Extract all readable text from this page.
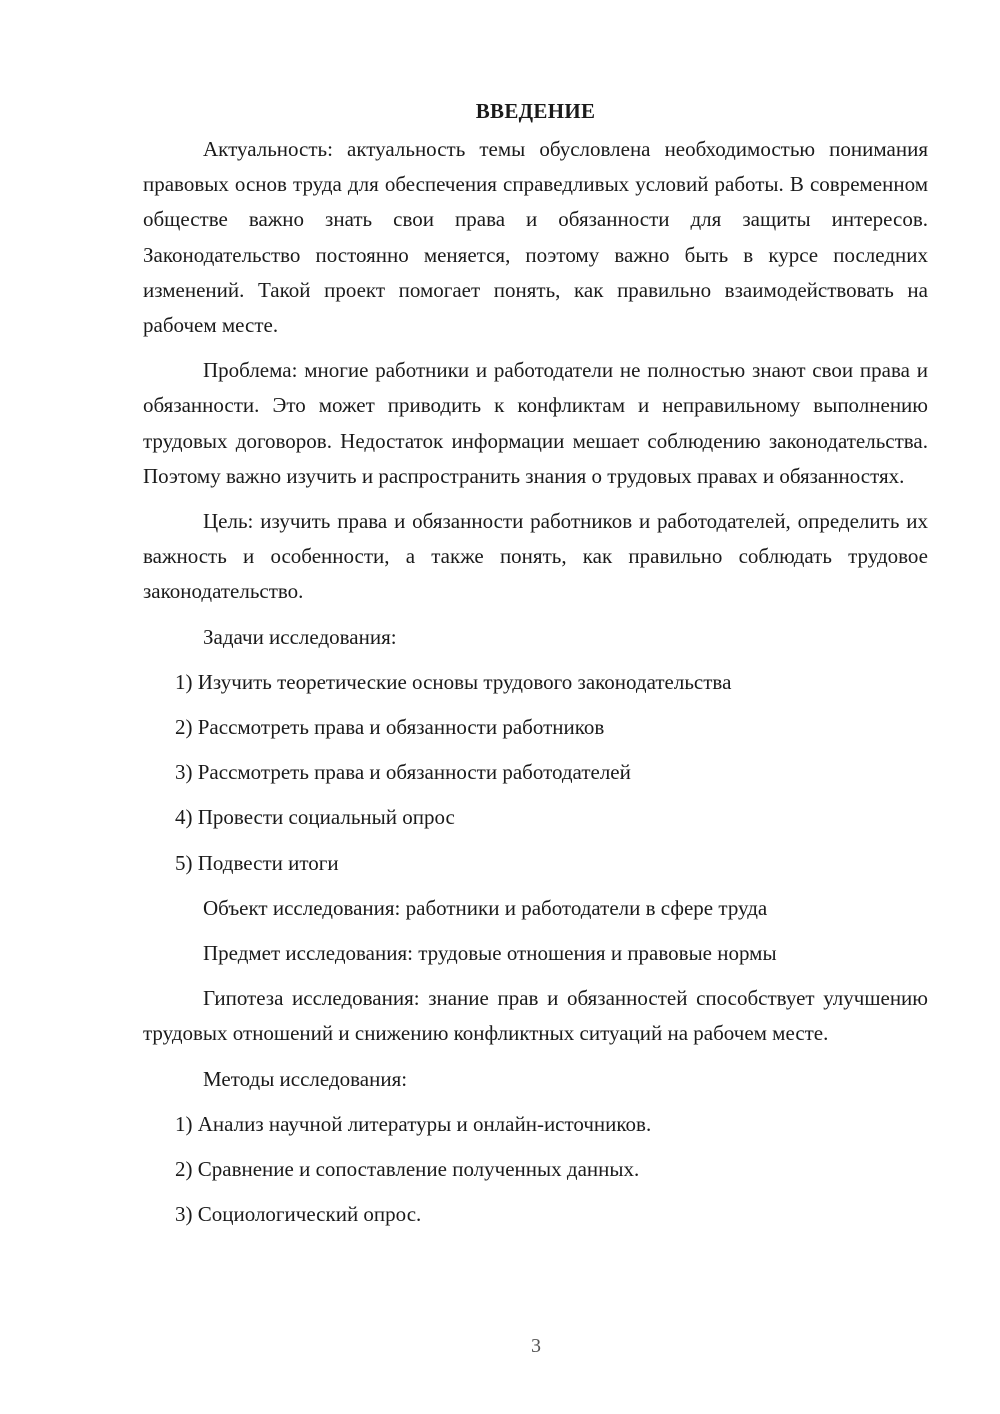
ВВЕДЕНИЕ

Актуальность: актуальность темы обусловлена необходимостью понимания правовых основ труда для обеспечения справедливых условий работы. В современном обществе важно знать свои права и обязанности для защиты интересов. Законодательство постоянно меняется, поэтому важно быть в курсе последних изменений. Такой проект помогает понять, как правильно взаимодействовать на рабочем месте.

Проблема: многие работники и работодатели не полностью знают свои права и обязанности. Это может приводить к конфликтам и неправильному выполнению трудовых договоров. Недостаток информации мешает соблюдению законодательства. Поэтому важно изучить и распространить знания о трудовых правах и обязанностях.

Цель: изучить права и обязанности работников и работодателей, определить их важность и особенности, а также понять, как правильно соблюдать трудовое законодательство.

Задачи исследования:

1) Изучить теоретические основы трудового законодательства

2) Рассмотреть права и обязанности работников

3) Рассмотреть права и обязанности работодателей

4) Провести социальный опрос

5) Подвести итоги

Объект исследования: работники и работодатели в сфере труда

Предмет исследования: трудовые отношения и правовые нормы

Гипотеза исследования: знание прав и обязанностей способствует улучшению трудовых отношений и снижению конфликтных ситуаций на рабочем месте.

Методы исследования:

1) Анализ научной литературы и онлайн-источников.

2) Сравнение и сопоставление полученных данных.

3) Социологический опрос.

3
